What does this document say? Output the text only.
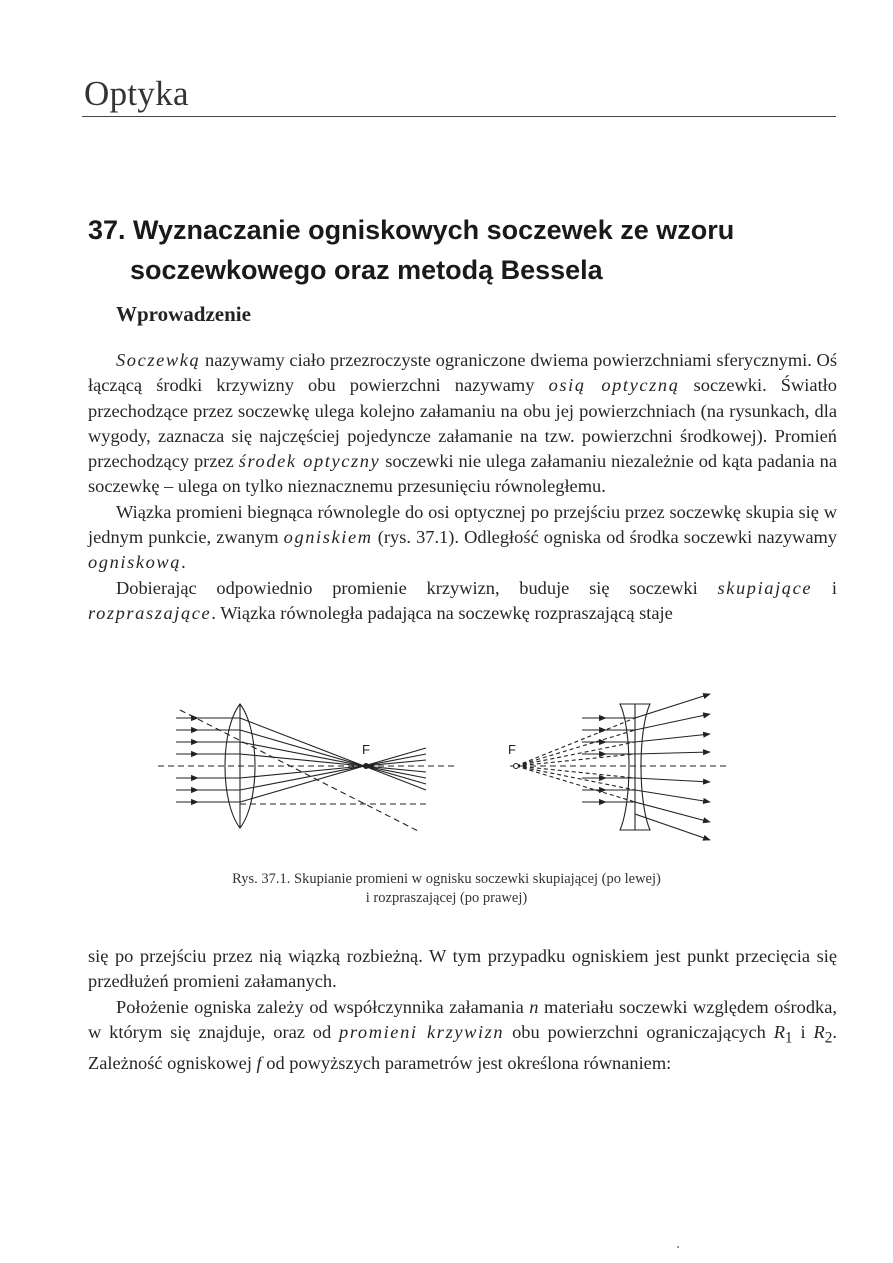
Optyka
37. Wyznaczanie ogniskowych soczewek ze wzoru
soczewkowego oraz metodą Bessela
Wprowadzenie

Soczewką nazywamy ciało przezroczyste ograniczone dwiema powierzchniami sferycznymi. Oś łączącą środki krzywizny obu powierzchni nazywamy osią optyczną soczewki. Światło przechodzące przez soczewkę ulega kolejno załamaniu na obu jej powierzchniach (na rysunkach, dla wygody, zaznacza się najczęściej pojedyncze załamanie na tzw. powierzchni środkowej). Promień przechodzący przez środek optyczny soczewki nie ulega załamaniu niezależnie od kąta padania na soczewkę – ulega on tylko nieznacznemu przesunięciu równoległemu.

Wiązka promieni biegnąca równolegle do osi optycznej po przejściu przez soczewkę skupia się w jednym punkcie, zwanym ogniskiem (rys. 37.1). Odległość ogniska od środka soczewki nazywamy ogniskową.

Dobierając odpowiednio promienie krzywizn, buduje się soczewki skupiające i rozpraszające. Wiązka równoległa padająca na soczewkę rozpraszającą staje

F	F
Rys. 37.1. Skupianie promieni w ognisku soczewki skupiającej (po lewej)
i rozpraszającej (po prawej)

się po przejściu przez nią wiązką rozbieżną. W tym przypadku ogniskiem jest punkt przecięcia się przedłużeń promieni załamanych.

Położenie ogniska zależy od współczynnika załamania n materiału soczewki względem ośrodka, w którym się znajduje, oraz od promieni krzywizn obu powierzchni ograniczających $R_1$ i $R_2$. Zależność ogniskowej f od powyższych parametrów jest określona równaniem:
